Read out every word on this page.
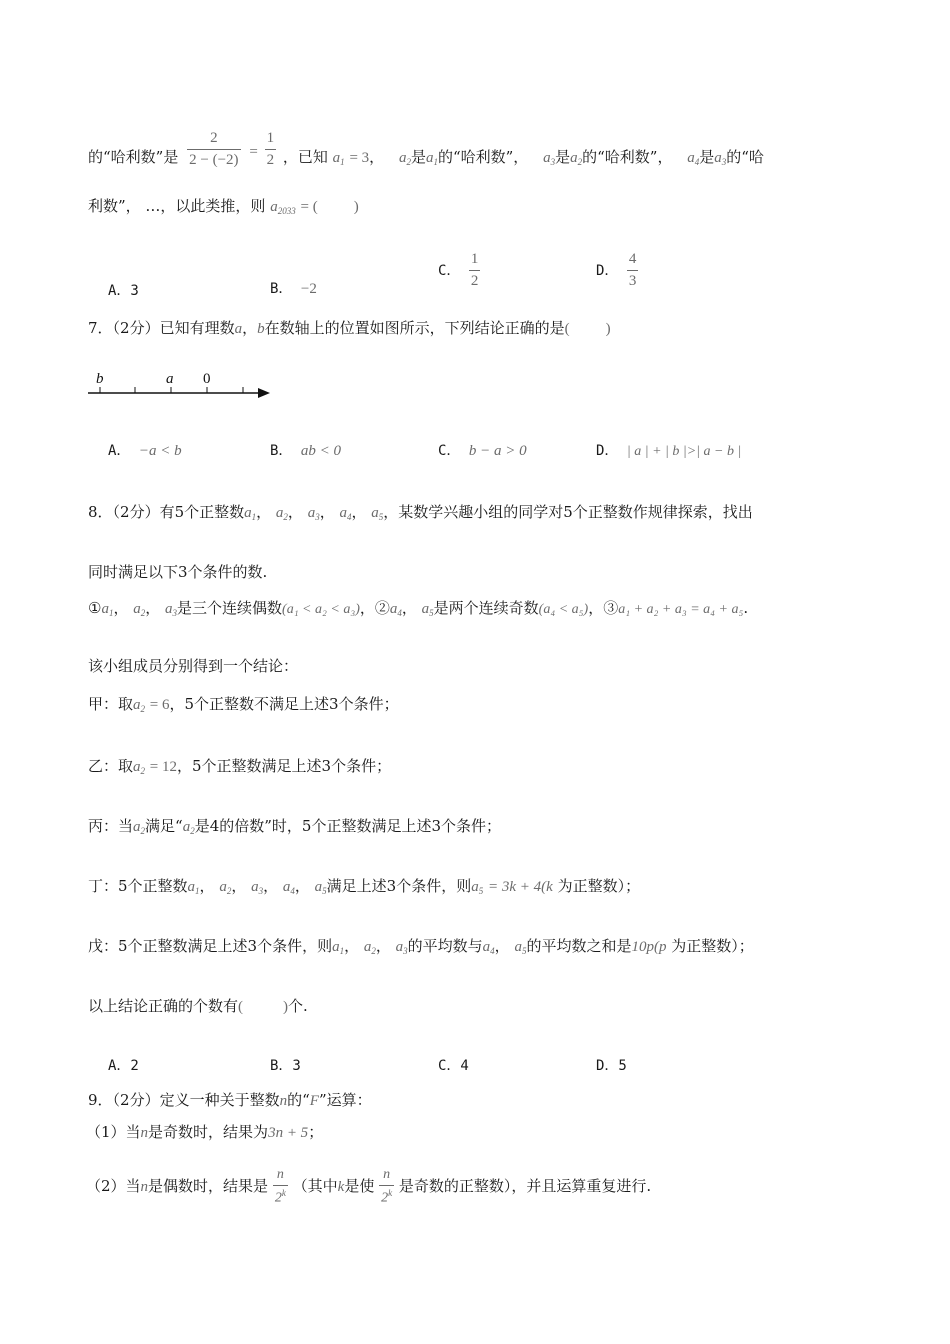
的“哈利数”是 $\frac{2}{2 - (-2)} = \frac{1}{2}$ ，已知 $a_1 = 3$， $a_2$是$a_1$的“哈利数”， $a_3$是$a_2$的“哈利数”， $a_4$是$a_3$的“哈
利数”， …，以此类推，则 $a_{2033}$ = ( )
A．3	B． −2
C． $\frac{1}{2}$	D． $\frac{4}{3}$
7．（2分）已知有理数a，b在数轴上的位置如图所示，下列结论正确的是( )
b	a 0
A． −a < b	B． ab < 0	C． b − a > 0	D． | a | + | b |>| a − b |
8．（2分）有5个正整数$a_1$， $a_2$， $a_3$， $a_4$， $a_5$，某数学兴趣小组的同学对5个正整数作规律探索，找出
同时满足以下3个条件的数.
$①a_1$， $a_2$， $a_3$是三个连续偶数(a₁ < a₂ < a₃)，$②a_4$， $a_5$是两个连续奇数(a₄ < a₅)，③a₁ + a₂ + a₃ = a₄ + a₅.
该小组成员分别得到一个结论：
甲：取$a_2 = 6$，5个正整数不满足上述3个条件；
乙：取$a_2 = 12$，5个正整数满足上述3个条件；
丙：当$a_2$满足“$a_2$是4的倍数”时，5个正整数满足上述3个条件；
丁：5个正整数$a_1$， $a_2$， $a_3$， $a_4$， $a_5$满足上述3个条件，则$a_5 = 3k + 4(k$ 为正整数）；
戊：5个正整数满足上述3个条件，则$a_1$， $a_2$， $a_3$的平均数与$a_4$， $a_5$的平均数之和是10p(p 为正整数）；
以上结论正确的个数有(	)个.
A．2	B．3	C．4	D．5
9．（2分）定义一种关于整数n的“F”运算：
（1）当n是奇数时，结果为3n + 5；
（2）当n是偶数时，结果是 $\frac{n}{2^k}$ （其中k是使 $\frac{n}{2^k}$ 是奇数的正整数），并且运算重复进行.
